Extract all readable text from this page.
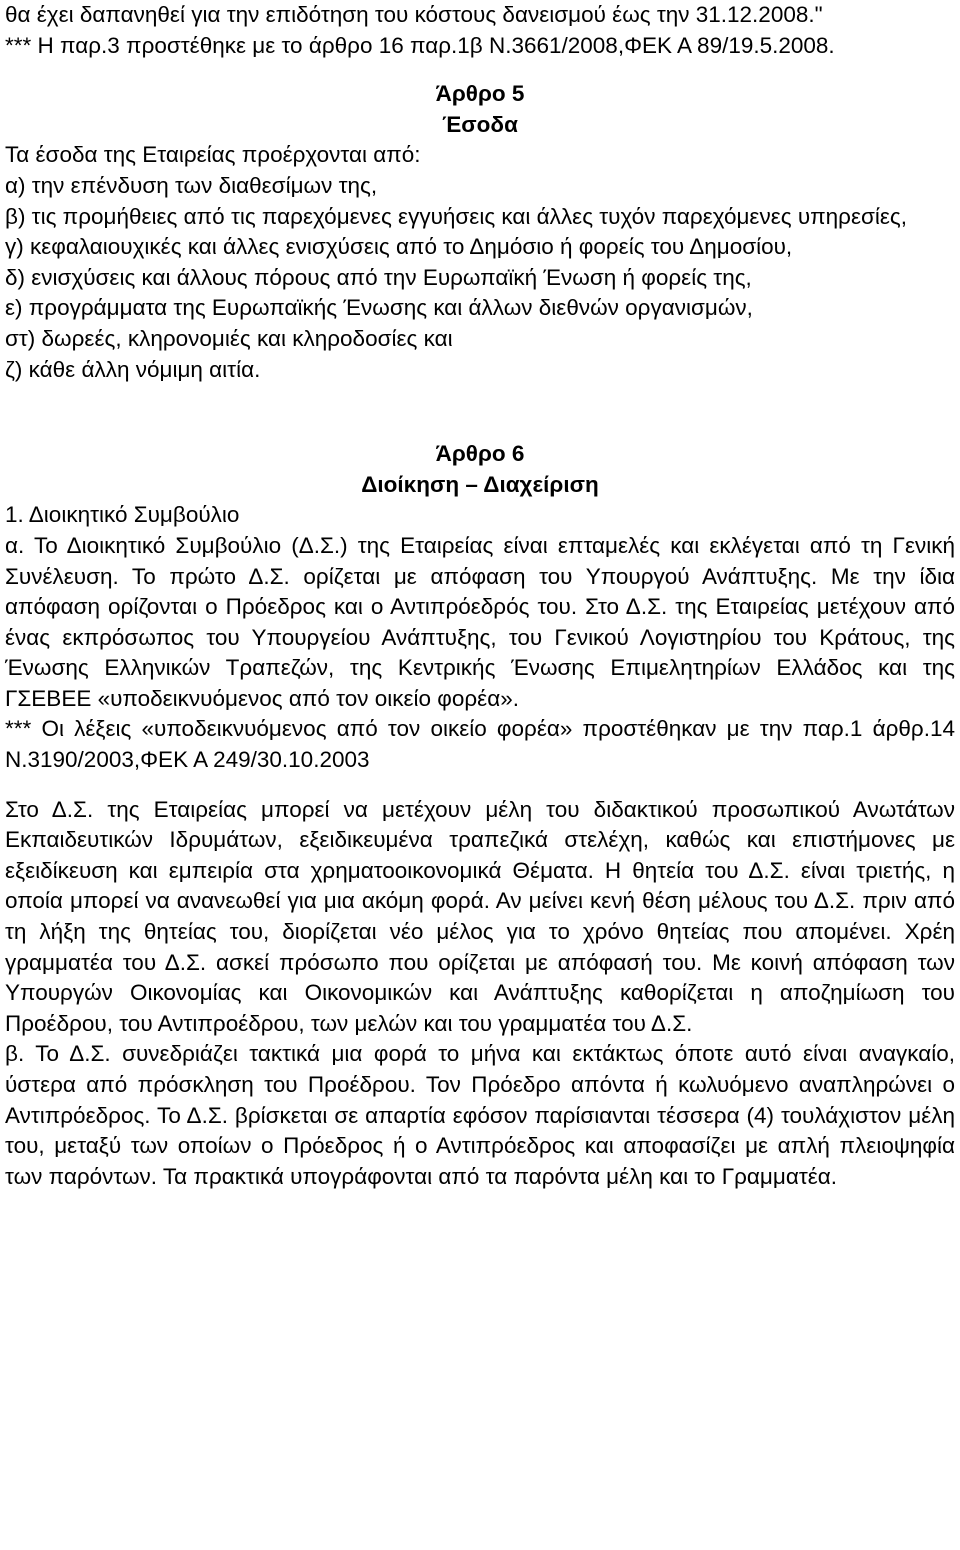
θα έχει δαπανηθεί για την επιδότηση του κόστους δανεισμού έως την 31.12.2008."

*** Η παρ.3 προστέθηκε με το άρθρο 16 παρ.1β Ν.3661/2008,ΦΕΚ Α 89/19.5.2008.

Άρθρο 5

Έσοδα

Τα έσοδα της Εταιρείας προέρχονται από:

α) την επένδυση των διαθεσίμων της,

β) τις προμήθειες από τις παρεχόμενες εγγυήσεις και άλλες τυχόν παρεχόμενες υπηρεσίες,

γ) κεφαλαιουχικές και άλλες ενισχύσεις από το Δημόσιο ή φορείς του Δημοσίου,

δ) ενισχύσεις και άλλους πόρους από την Ευρωπαϊκή Ένωση ή φορείς της,

ε) προγράμματα της Ευρωπαϊκής Ένωσης και άλλων διεθνών οργανισμών,

στ) δωρεές, κληρονομιές και κληροδοσίες και

ζ) κάθε άλλη νόμιμη αιτία.

Άρθρο 6

Διοίκηση – Διαχείριση

1. Διοικητικό Συμβούλιο

α. Το Διοικητικό Συμβούλιο (Δ.Σ.) της Εταιρείας είναι επταμελές και εκλέγεται από τη Γενική Συνέλευση. Το πρώτο Δ.Σ. ορίζεται με απόφαση του Υπουργού Ανάπτυξης. Με την ίδια απόφαση ορίζονται ο Πρόεδρος και ο Αντιπρόεδρός του. Στο Δ.Σ. της Εταιρείας μετέχουν από ένας εκπρόσωπος του Υπουργείου Ανάπτυξης, του Γενικού Λογιστηρίου του Κράτους, της Ένωσης Ελληνικών Τραπεζών, της Κεντρικής Ένωσης Επιμελητηρίων Ελλάδος και της ΓΣΕΒΕΕ «υποδεικνυόμενος από τον οικείο φορέα».

*** Οι λέξεις «υποδεικνυόμενος από τον οικείο φορέα» προστέθηκαν με την παρ.1 άρθρ.14 Ν.3190/2003,ΦΕΚ Α 249/30.10.2003

Στο Δ.Σ. της Εταιρείας μπορεί να μετέχουν μέλη του διδακτικού προσωπικού Ανωτάτων Εκπαιδευτικών Ιδρυμάτων, εξειδικευμένα τραπεζικά στελέχη, καθώς και επιστήμονες με εξειδίκευση και εμπειρία στα χρηματοοικονομικά Θέματα. Η θητεία του Δ.Σ. είναι τριετής, η οποία μπορεί να ανανεωθεί για μια ακόμη φορά. Αν μείνει κενή θέση μέλους του Δ.Σ. πριν από τη λήξη της θητείας του, διορίζεται νέο μέλος για το χρόνο θητείας που απομένει. Χρέη γραμματέα του Δ.Σ. ασκεί πρόσωπο που ορίζεται με απόφασή του. Με κοινή απόφαση των Υπουργών Οικονομίας και Οικονομικών και Ανάπτυξης καθορίζεται η αποζημίωση του Προέδρου, του Αντιπροέδρου, των μελών και του γραμματέα του Δ.Σ.

β. Το Δ.Σ. συνεδριάζει τακτικά μια φορά το μήνα και εκτάκτως όποτε αυτό είναι αναγκαίο, ύστερα από πρόσκληση του Προέδρου. Τον Πρόεδρο απόντα ή κωλυόμενο αναπληρώνει ο Αντιπρόεδρος. Το Δ.Σ. βρίσκεται σε απαρτία εφόσον παρίσιανται τέσσερα (4) τουλάχιστον μέλη του, μεταξύ των οποίων ο Πρόεδρος ή ο Αντιπρόεδρος και αποφασίζει με απλή πλειοψηφία των παρόντων. Τα πρακτικά υπογράφονται από τα παρόντα μέλη και το Γραμματέα.
